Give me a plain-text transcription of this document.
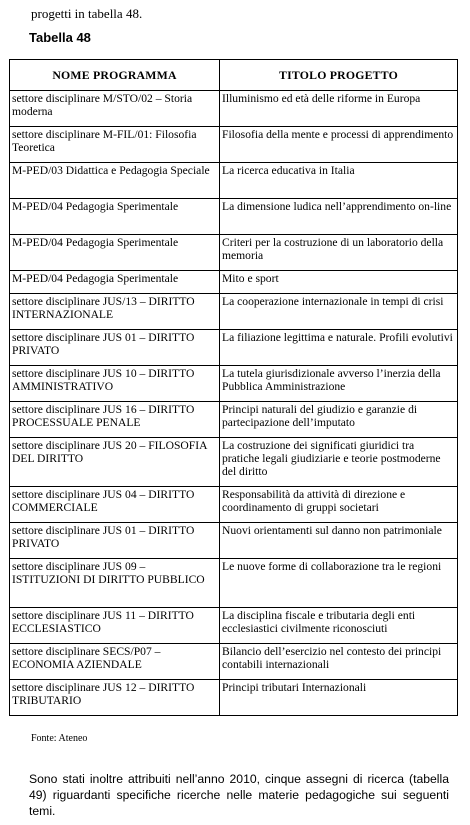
progetti in tabella 48.
Tabella 48
NOME PROGRAMMA	TITOLO PROGETTO
settore disciplinare M/STO/02 – Storia moderna	Illuminismo ed età delle riforme in Europa
settore disciplinare M-FIL/01: Filosofia Teoretica	Filosofia della mente e processi di apprendimento
M-PED/03 Didattica e Pedagogia Speciale	La ricerca educativa in Italia
M-PED/04 Pedagogia Sperimentale	La dimensione ludica nell’apprendimento on-line
M-PED/04 Pedagogia Sperimentale	Criteri per la costruzione di un laboratorio della memoria
M-PED/04 Pedagogia Sperimentale	Mito e sport
settore disciplinare JUS/13 – DIRITTO INTERNAZIONALE	La cooperazione internazionale in tempi di crisi
settore disciplinare JUS 01 – DIRITTO PRIVATO	La filiazione legittima e naturale. Profili evolutivi
settore disciplinare JUS 10 – DIRITTO AMMINISTRATIVO	La tutela giurisdizionale avverso l’inerzia della Pubblica Amministrazione
settore disciplinare JUS 16 – DIRITTO PROCESSUALE PENALE	Principi naturali del giudizio e garanzie di partecipazione dell’imputato
settore disciplinare JUS 20 – FILOSOFIA DEL DIRITTO	La costruzione dei significati giuridici tra pratiche legali giudiziarie e teorie postmoderne del diritto
settore disciplinare JUS 04 – DIRITTO COMMERCIALE	Responsabilità da attività di direzione e coordinamento di gruppi societari
settore disciplinare JUS 01 – DIRITTO PRIVATO	Nuovi orientamenti sul danno non patrimoniale
settore disciplinare JUS 09 – ISTITUZIONI DI DIRITTO PUBBLICO	Le nuove forme di collaborazione tra le regioni
settore disciplinare JUS 11 – DIRITTO ECCLESIASTICO	La disciplina fiscale e tributaria degli enti ecclesiastici civilmente riconosciuti
settore disciplinare SECS/P07 – ECONOMIA AZIENDALE	Bilancio dell’esercizio nel contesto dei principi contabili internazionali
settore disciplinare JUS 12 – DIRITTO TRIBUTARIO	Principi tributari Internazionali
Fonte: Ateneo
Sono stati inoltre attribuiti nell’anno 2010, cinque assegni di ricerca (tabella 49) riguardanti specifiche ricerche nelle materie pedagogiche sui seguenti temi.
